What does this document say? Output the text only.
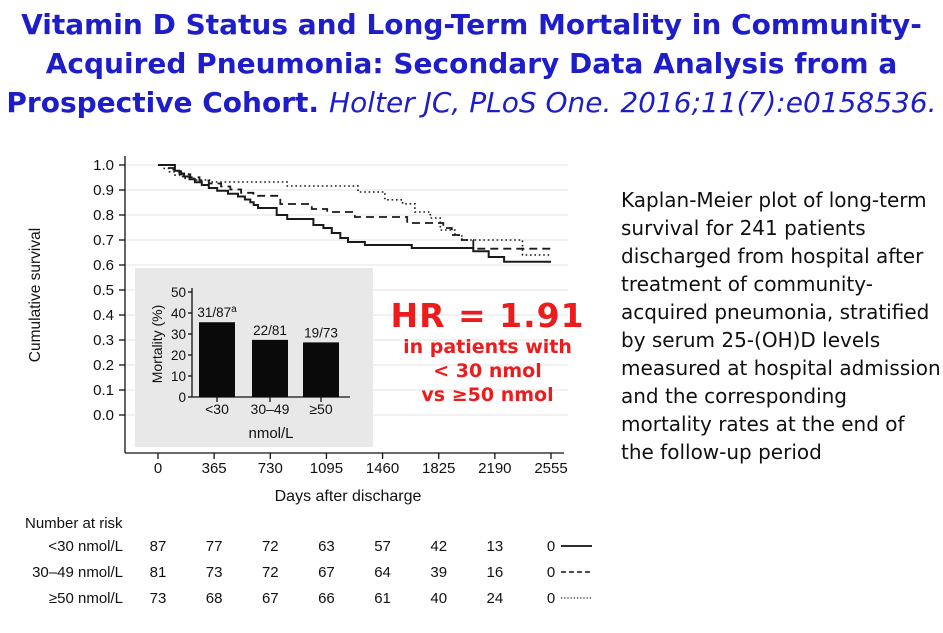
Vitamin D Status and Long-Term Mortality in Community-
Acquired Pneumonia: Secondary Data Analysis from a
Prospective Cohort. Holter JC, PLoS One. 2016;11(7):e0158536.
0.0
0.1
0.2
0.3
0.4
0.5
0.6
0.7
0.8
0.9
1.0
0	365 730 1095 1460 1825 2190 2555
Days after discharge
Cumulative survival
0
10
20
30
40
50
Mortality (%) $31/87^a$
<30
22/81
30–49
19/73
≥50
nmol/L
Number at risk
<30 nmol/L 87	77	72	63	57	42	13	0
30–49 nmol/L 81	73	72	67	64	39	16	0
≥50 nmol/L 73	68	67	66	61	40	24	0
HR = 1.91
in patients with
< 30 nmol
vs ≥50 nmol
Kaplan-Meier plot of long-term survival for 241 patients discharged from hospital after treatment of community-acquired pneumonia, stratified by serum 25-(OH)D levels measured at hospital admission and the corresponding mortality rates at the end of the follow-up period
